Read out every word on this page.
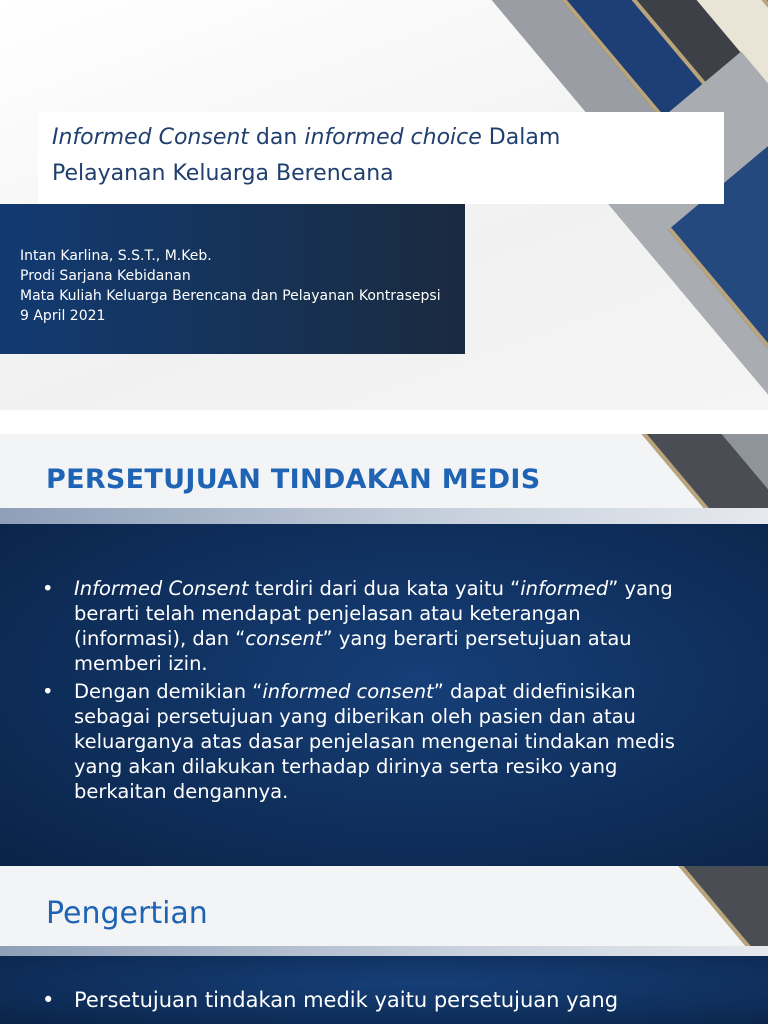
Informed Consent dan informed choice Dalam
Pelayanan Keluarga Berencana
Intan Karlina, S.S.T., M.Keb.
Prodi Sarjana Kebidanan
Mata Kuliah Keluarga Berencana dan Pelayanan Kontrasepsi
9 April 2021
PERSETUJUAN TINDAKAN MEDIS
• Informed Consent terdiri dari dua kata yaitu “informed” yang
berarti telah mendapat penjelasan atau keterangan
(informasi), dan “consent” yang berarti persetujuan atau
memberi izin.
• Dengan demikian “informed consent” dapat didefinisikan
sebagai persetujuan yang diberikan oleh pasien dan atau
keluarganya atas dasar penjelasan mengenai tindakan medis
yang akan dilakukan terhadap dirinya serta resiko yang
berkaitan dengannya.
Pengertian
• Persetujuan tindakan medik yaitu persetujuan yang
